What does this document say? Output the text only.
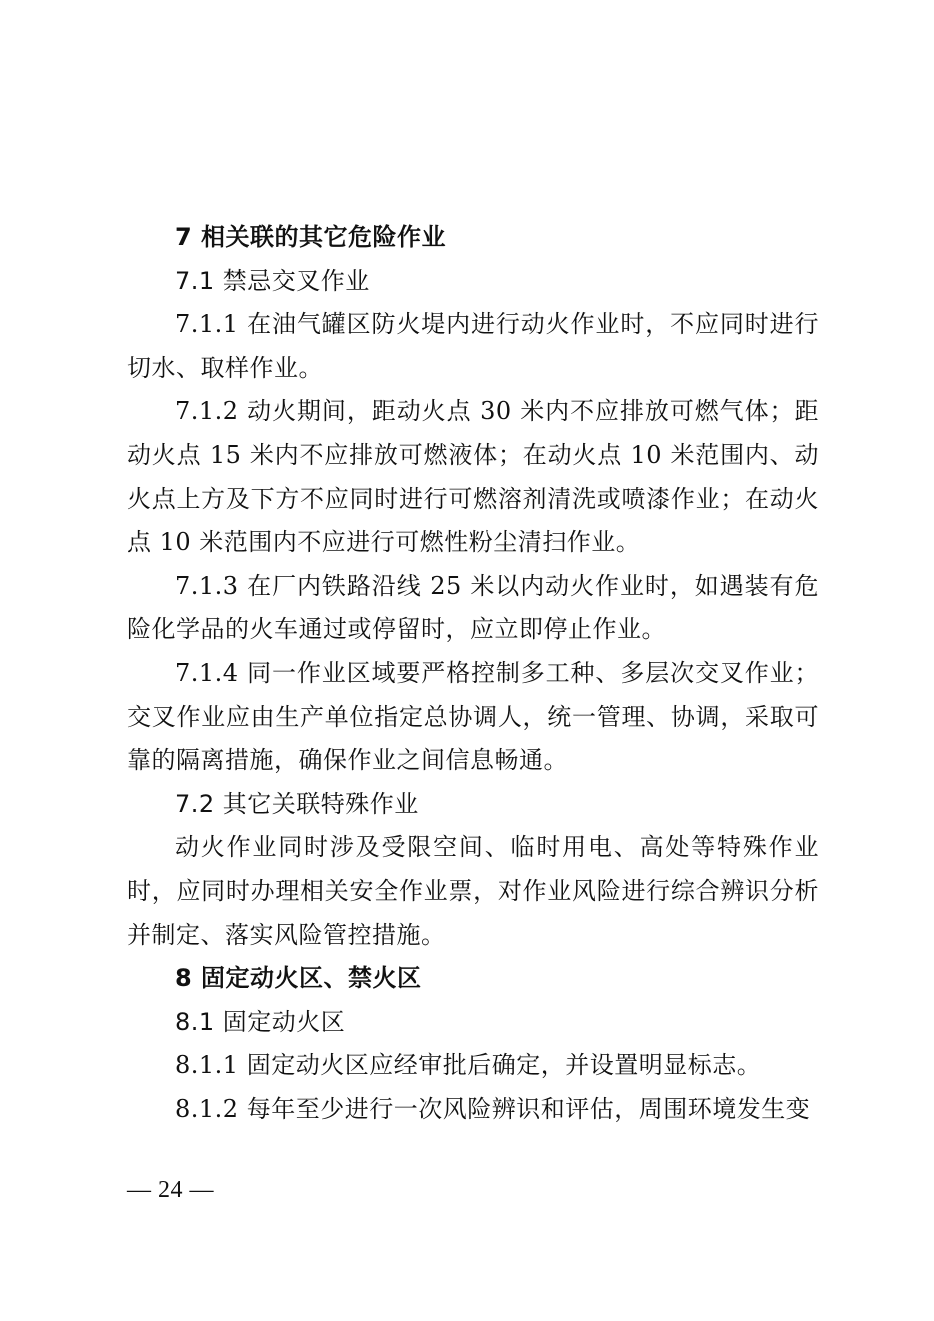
7 相关联的其它危险作业

7.1 禁忌交叉作业

7.1.1 在油气罐区防火堤内进行动火作业时，不应同时进行切水、取样作业。

7.1.2 动火期间，距动火点 30 米内不应排放可燃气体；距动火点 15 米内不应排放可燃液体；在动火点 10 米范围内、动火点上方及下方不应同时进行可燃溶剂清洗或喷漆作业；在动火点 10 米范围内不应进行可燃性粉尘清扫作业。

7.1.3 在厂内铁路沿线 25 米以内动火作业时，如遇装有危险化学品的火车通过或停留时，应立即停止作业。

7.1.4 同一作业区域要严格控制多工种、多层次交叉作业；交叉作业应由生产单位指定总协调人，统一管理、协调，采取可靠的隔离措施，确保作业之间信息畅通。

7.2 其它关联特殊作业

动火作业同时涉及受限空间、临时用电、高处等特殊作业时，应同时办理相关安全作业票，对作业风险进行综合辨识分析并制定、落实风险管控措施。

8 固定动火区、禁火区

8.1 固定动火区

8.1.1 固定动火区应经审批后确定，并设置明显标志。

8.1.2 每年至少进行一次风险辨识和评估，周围环境发生变

— 24 —
